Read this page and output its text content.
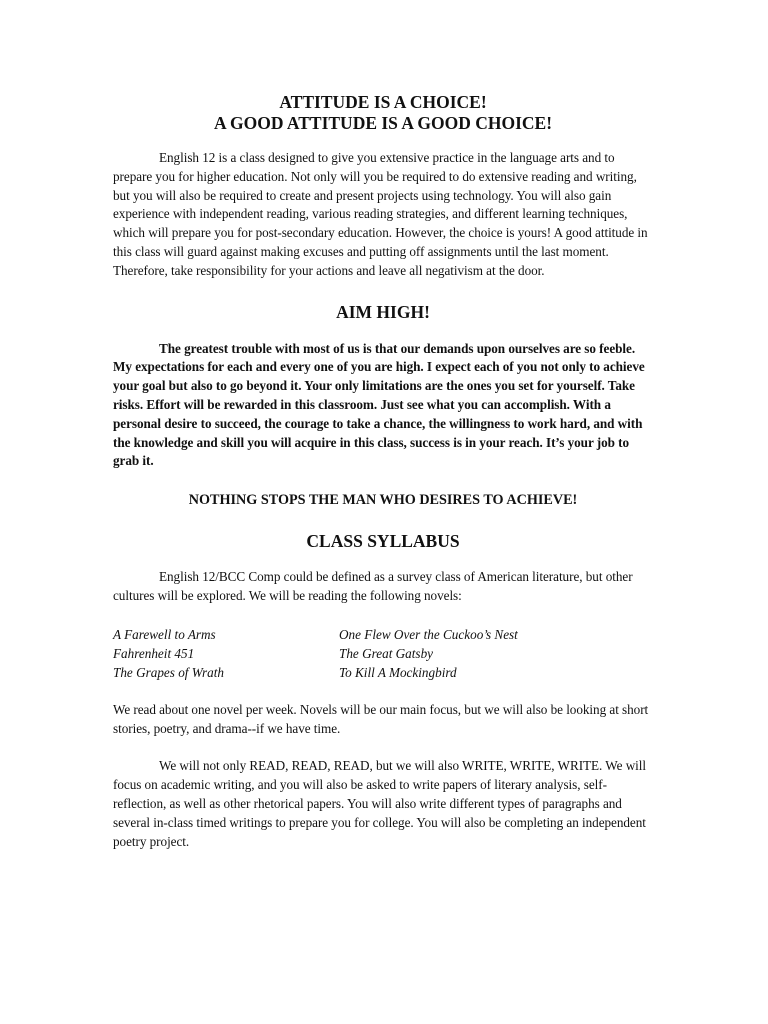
ATTITUDE IS A CHOICE!

A GOOD ATTITUDE IS A GOOD CHOICE!

English 12 is a class designed to give you extensive practice in the language arts and to prepare you for higher education. Not only will you be required to do extensive reading and writing, but you will also be required to create and present projects using technology. You will also gain experience with independent reading, various reading strategies, and different learning techniques, which will prepare you for post-secondary education. However, the choice is yours! A good attitude in this class will guard against making excuses and putting off assignments until the last moment. Therefore, take responsibility for your actions and leave all negativism at the door.

AIM HIGH!

The greatest trouble with most of us is that our demands upon ourselves are so feeble. My expectations for each and every one of you are high. I expect each of you not only to achieve your goal but also to go beyond it. Your only limitations are the ones you set for yourself. Take risks. Effort will be rewarded in this classroom. Just see what you can accomplish. With a personal desire to succeed, the courage to take a chance, the willingness to work hard, and with the knowledge and skill you will acquire in this class, success is in your reach. It’s your job to grab it.

NOTHING STOPS THE MAN WHO DESIRES TO ACHIEVE!

CLASS SYLLABUS

English 12/BCC Comp could be defined as a survey class of American literature, but other cultures will be explored. We will be reading the following novels:

A Farewell to Arms	One Flew Over the Cuckoo’s Nest
Fahrenheit 451	The Great Gatsby
The Grapes of Wrath	To Kill A Mockingbird

We read about one novel per week. Novels will be our main focus, but we will also be looking at short stories, poetry, and drama--if we have time.

We will not only READ, READ, READ, but we will also WRITE, WRITE, WRITE. We will focus on academic writing, and you will also be asked to write papers of literary analysis, self-reflection, as well as other rhetorical papers. You will also write different types of paragraphs and several in-class timed writings to prepare you for college. You will also be completing an independent poetry project.
